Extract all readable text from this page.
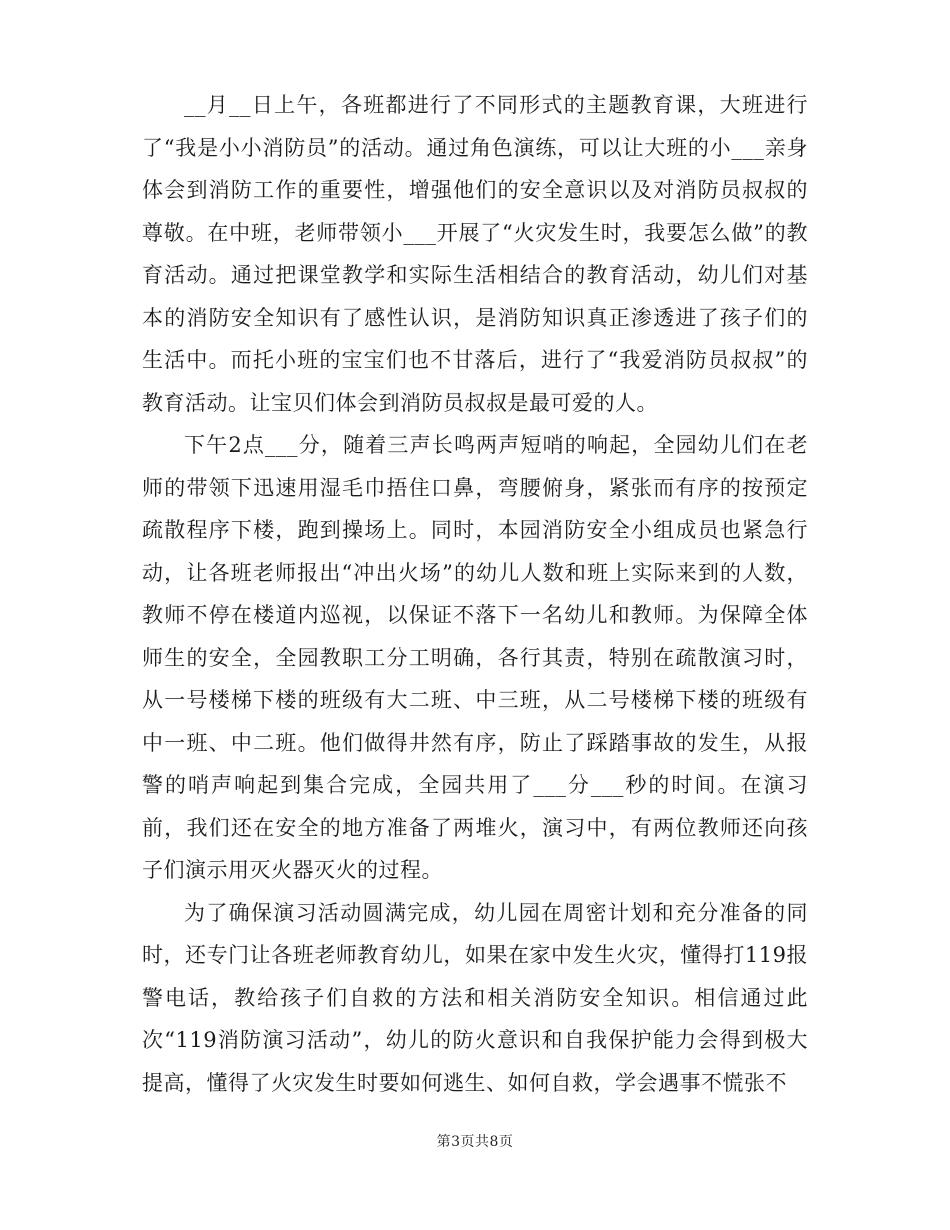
__月__日上午，各班都进行了不同形式的主题教育课，大班进行了“我是小小消防员”的活动。通过角色演练，可以让大班的小___亲身体会到消防工作的重要性，增强他们的安全意识以及对消防员叔叔的尊敬。在中班，老师带领小___开展了“火灾发生时，我要怎么做”的教育活动。通过把课堂教学和实际生活相结合的教育活动，幼儿们对基本的消防安全知识有了感性认识，是消防知识真正渗透进了孩子们的生活中。而托小班的宝宝们也不甘落后，进行了“我爱消防员叔叔”的教育活动。让宝贝们体会到消防员叔叔是最可爱的人。

下午2点___分，随着三声长鸣两声短哨的响起，全园幼儿们在老师的带领下迅速用湿毛巾捂住口鼻，弯腰俯身，紧张而有序的按预定疏散程序下楼，跑到操场上。同时，本园消防安全小组成员也紧急行动，让各班老师报出“冲出火场”的幼儿人数和班上实际来到的人数，教师不停在楼道内巡视，以保证不落下一名幼儿和教师。为保障全体师生的安全，全园教职工分工明确，各行其责，特别在疏散演习时，从一号楼梯下楼的班级有大二班、中三班，从二号楼梯下楼的班级有中一班、中二班。他们做得井然有序，防止了踩踏事故的发生，从报警的哨声响起到集合完成，全园共用了___分___秒的时间。在演习前，我们还在安全的地方准备了两堆火，演习中，有两位教师还向孩子们演示用灭火器灭火的过程。

为了确保演习活动圆满完成，幼儿园在周密计划和充分准备的同时，还专门让各班老师教育幼儿，如果在家中发生火灾，懂得打119报警电话，教给孩子们自救的方法和相关消防安全知识。相信通过此次“119消防演习活动”，幼儿的防火意识和自我保护能力会得到极大提高，懂得了火灾发生时要如何逃生、如何自救，学会遇事不慌张不

第3页共8页
